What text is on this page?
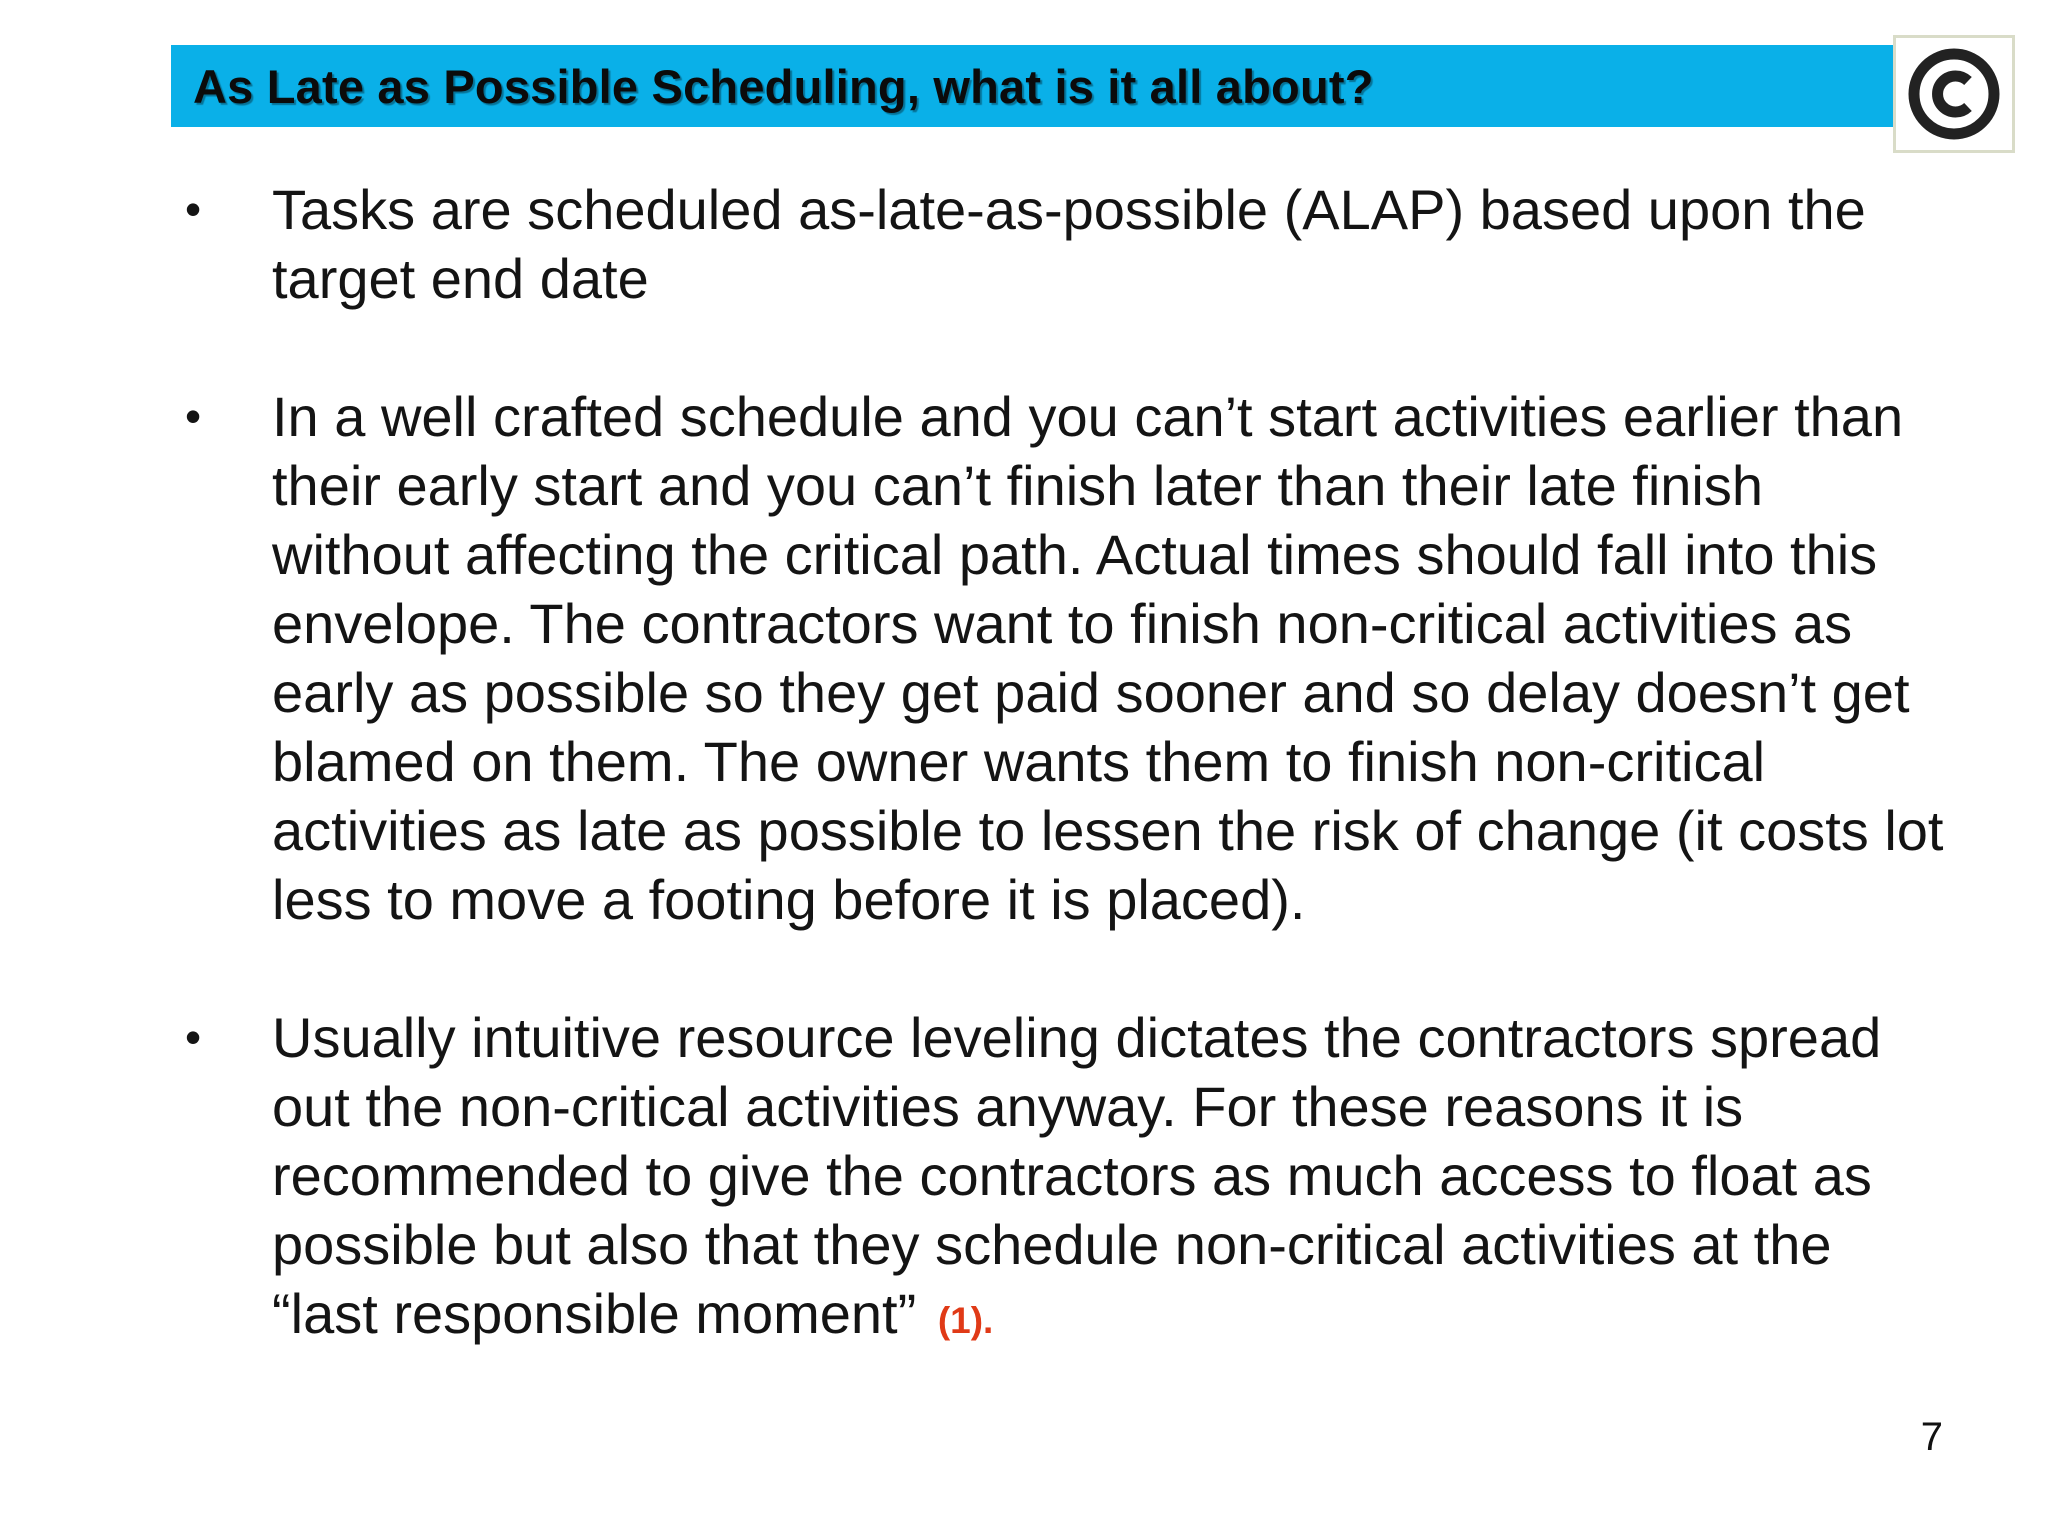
As Late as Possible Scheduling, what is it all about?
• Tasks are scheduled as-late-as-possible (ALAP) based upon the target end date
• In a well crafted schedule and you can’t start activities earlier than their early start and you can’t finish later than their late finish without affecting the critical path. Actual times should fall into this envelope. The contractors want to finish non-critical activities as early as possible so they get paid sooner and so delay doesn’t get blamed on them. The owner wants them to finish non-critical activities as late as possible to lessen the risk of change (it costs lot less to move a footing before it is placed).
• Usually intuitive resource leveling dictates the contractors spread out the non-critical activities anyway. For these reasons it is recommended to give the contractors as much access to float as possible but also that they schedule non-critical activities at the “last responsible moment” (1).
7
